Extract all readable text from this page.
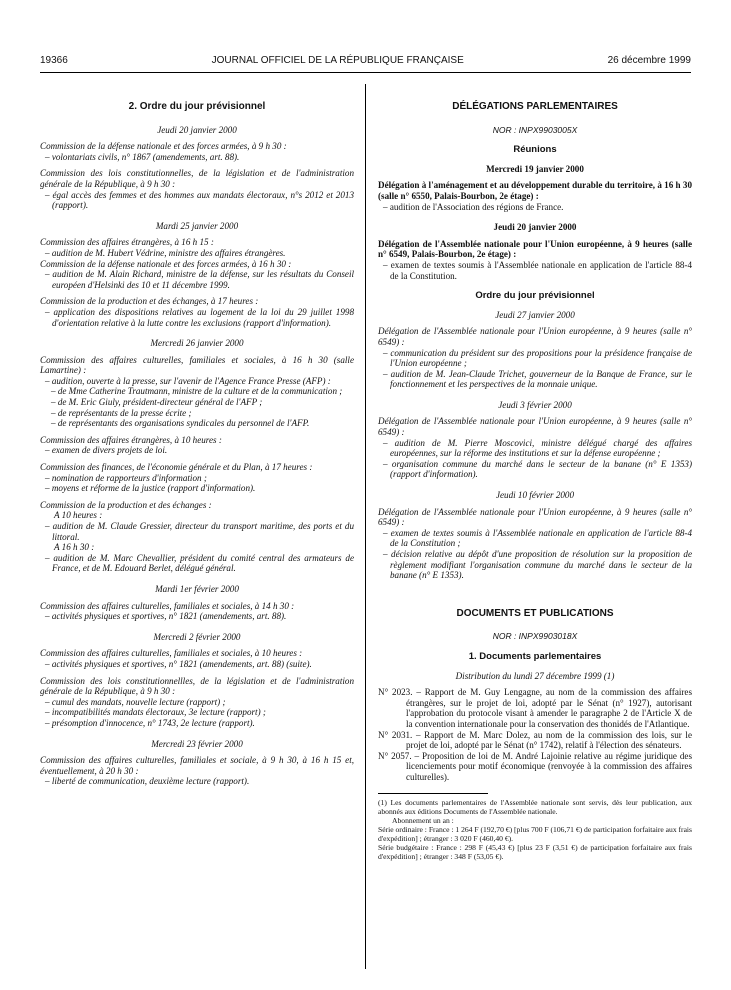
19366	JOURNAL OFFICIEL DE LA RÉPUBLIQUE FRANÇAISE	26 décembre 1999
2. Ordre du jour prévisionnel
Jeudi 20 janvier 2000
Commission de la défense nationale et des forces armées, à 9 h 30 :
– volontariats civils, n° 1867 (amendements, art. 88).
Commission des lois constitutionnelles, de la législation et de l'administration générale de la République, à 9 h 30 :
– égal accès des femmes et des hommes aux mandats électoraux, n°s 2012 et 2013 (rapport).
Mardi 25 janvier 2000
Commission des affaires étrangères, à 16 h 15 :
– audition de M. Hubert Védrine, ministre des affaires étrangères.
Commission de la défense nationale et des forces armées, à 16 h 30 :
– audition de M. Alain Richard, ministre de la défense, sur les résultats du Conseil européen d'Helsinki des 10 et 11 décembre 1999.
Commission de la production et des échanges, à 17 heures :
– application des dispositions relatives au logement de la loi du 29 juillet 1998 d'orientation relative à la lutte contre les exclusions (rapport d'information).
Mercredi 26 janvier 2000
Commission des affaires culturelles, familiales et sociales, à 16 h 30 (salle Lamartine) :
– audition, ouverte à la presse, sur l'avenir de l'Agence France Presse (AFP) :
– de Mme Catherine Trautmann, ministre de la culture et de la communication ;
– de M. Eric Giuly, président-directeur général de l'AFP ;
– de représentants de la presse écrite ;
– de représentants des organisations syndicales du personnel de l'AFP.
Commission des affaires étrangères, à 10 heures :
– examen de divers projets de loi.
Commission des finances, de l'économie générale et du Plan, à 17 heures :
– nomination de rapporteurs d'information ;
– moyens et réforme de la justice (rapport d'information).
Commission de la production et des échanges :
A 10 heures :
– audition de M. Claude Gressier, directeur du transport maritime, des ports et du littoral.
A 16 h 30 :
– audition de M. Marc Chevallier, président du comité central des armateurs de France, et de M. Edouard Berlet, délégué général.
Mardi 1er février 2000
Commission des affaires culturelles, familiales et sociales, à 14 h 30 :
– activités physiques et sportives, n° 1821 (amendements, art. 88).
Mercredi 2 février 2000
Commission des affaires culturelles, familiales et sociales, à 10 heures :
– activités physiques et sportives, n° 1821 (amendements, art. 88) (suite).
Commission des lois constitutionnellles, de la législation et de l'administration générale de la République, à 9 h 30 :
– cumul des mandats, nouvelle lecture (rapport) ;
– incompatibilités mandats électoraux, 3e lecture (rapport) ;
– présomption d'innocence, n° 1743, 2e lecture (rapport).
Mercredi 23 février 2000
Commission des affaires culturelles, familiales et sociale, à 9 h 30, à 16 h 15 et, éventuellement, à 20 h 30 :
– liberté de communication, deuxième lecture (rapport).
DÉLÉGATIONS PARLEMENTAIRES
NOR : INPX9903005X
Réunions
Mercredi 19 janvier 2000
Délégation à l'aménagement et au développement durable du territoire, à 16 h 30 (salle n° 6550, Palais-Bourbon, 2e étage) :
– audition de l'Association des régions de France.
Jeudi 20 janvier 2000
Délégation de l'Assemblée nationale pour l'Union européenne, à 9 heures (salle n° 6549, Palais-Bourbon, 2e étage) :
– examen de textes soumis à l'Assemblée nationale en application de l'article 88-4 de la Constitution.
Ordre du jour prévisionnel
Jeudi 27 janvier 2000
Délégation de l'Assemblée nationale pour l'Union européenne, à 9 heures (salle n° 6549) :
– communication du président sur des propositions pour la présidence française de l'Union européenne ;
– audition de M. Jean-Claude Trichet, gouverneur de la Banque de France, sur le fonctionnement et les perspectives de la monnaie unique.
Jeudi 3 février 2000
Délégation de l'Assemblée nationale pour l'Union européenne, à 9 heures (salle n° 6549) :
– audition de M. Pierre Moscovici, ministre délégué chargé des affaires européennes, sur la réforme des institutions et sur la défense européenne ;
– organisation commune du marché dans le secteur de la banane (n° E 1353) (rapport d'information).
Jeudi 10 février 2000
Délégation de l'Assemblée nationale pour l'Union européenne, à 9 heures (salle n° 6549) :
– examen de textes soumis à l'Assemblée nationale en application de l'article 88-4 de la Constitution ;
– décision relative au dépôt d'une proposition de résolution sur la proposition de règlement modifiant l'organisation commune du marché dans le secteur de la banane (n° E 1353).
DOCUMENTS ET PUBLICATIONS
NOR : INPX9903018X
1. Documents parlementaires
Distribution du lundi 27 décembre 1999 (1)
N° 2023. – Rapport de M. Guy Lengagne, au nom de la commission des affaires étrangères, sur le projet de loi, adopté par le Sénat (n° 1927), autorisant l'approbation du protocole visant à amender le paragraphe 2 de l'Article X de la convention internationale pour la conservation des thonidés de l'Atlantique.
N° 2031. – Rapport de M. Marc Dolez, au nom de la commission des lois, sur le projet de loi, adopté par le Sénat (n° 1742), relatif à l'élection des sénateurs.
N° 2057. – Proposition de loi de M. André Lajoinie relative au régime juridique des licenciements pour motif économique (renvoyée à la commission des affaires culturelles).
(1) Les documents parlementaires de l'Assemblée nationale sont servis, dès leur publication, aux abonnés aux éditions Documents de l'Assemblée nationale.
Abonnement un an :
Série ordinaire : France : 1 264 F (192,70 €) [plus 700 F (106,71 €) de participation forfaitaire aux frais d'expédition] ; étranger : 3 020 F (460,40 €).
Série budgétaire : France : 298 F (45,43 €) [plus 23 F (3,51 €) de participation forfaitaire aux frais d'expédition] ; étranger : 348 F (53,05 €).
